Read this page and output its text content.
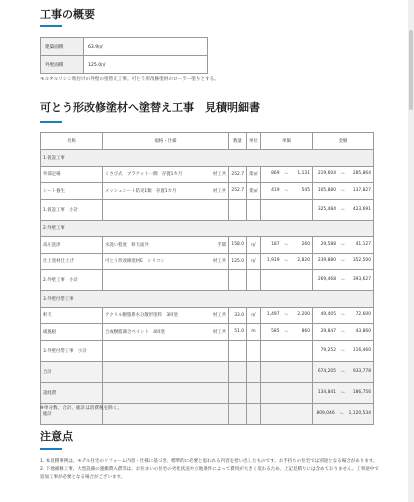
工事の概要
建築面積	63.9㎡
外壁面積	125.0㎡
モルタルリシン吹付けの外壁の塗替え工事。可とう形改修塗材のローラー塗りとする。
可とう形改修塗材へ塗替え工事　見積明細書
名称	規格・仕様	数量	単位	単価	金額
1.仮設工事					
外部足場	くさび式　ブラケット一側　存置1カ月 材工共	252.7	架㎡	869 ～ 1,131	219,604 ～ 285,864

シート養生	メッシュシート防炎1類　存置1カ月 材工共	252.7	架㎡	419 ～ 545	105,880 ～ 137,827

1.仮設工事　小計					325,484 ～ 423,691

2.外壁工事					
高圧洗浄	水洗い程度　軒天面共 手間	158.0	㎡	187 ～ 260	29,588 ～ 41,127

仕上塗材仕上げ	可とう形改修塗材E　シリコン 材工共	125.0	㎡	1,919 ～ 2,820	239,880 ～ 352,500

2.外壁工事　小計					269,468 ～ 393,627

3.外壁付帯工事					
軒天	アクリル樹脂系水分散形塗料　3回塗 材工共	33.0	㎡	1,497 ～ 2,200	49,405 ～ 72,600

破風板	合成樹脂調合ペイント　4回塗 材工共	51.0	m	585 ～ 860	29,847 ～ 43,860

3.外壁付帯工事　小計					79,252 ～ 116,460

合計					674,205 ～ 933,778

諸経費					134,841 ～ 186,756

総計					809,046 ～ 1,120,534
※単分数、合計、総計は消費税を除く。
注意点

1. 本見積事例は、モデル住宅のリフォーム内容・仕様に基づき、標準的に必要と思われる内容を拾い出したものです。お手持ちの住宅では別途となる場合があります。

2. 下地補修工事、大型設備の運搬費入費等は、お住まいの住宅の劣化状況や立地条件によって費用が大きく変わるため、上記見積りには含めておりません。工事途中で追加工事が必要となる場合がございます。
